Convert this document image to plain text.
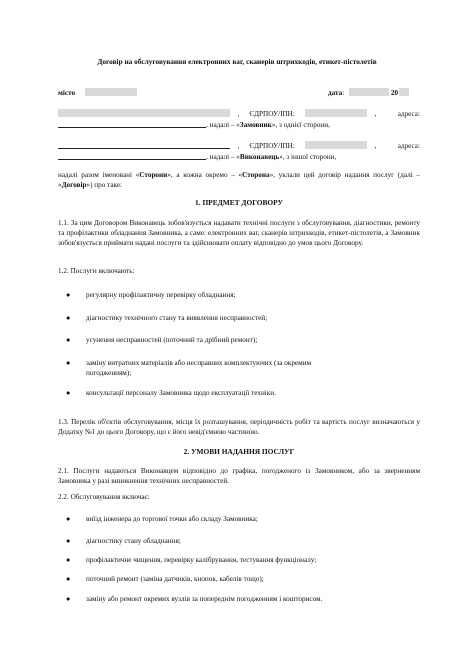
Договір на обслуговування електронних ваг, сканерів штрихкодів, етикет-пістолетів
місто	дата:	20
, ЄДРПОУ/ІПН:	,	адреса:
, надалі – «Замовник», з однієї сторони,
, ЄДРПОУ/ІПН:	,	адреса:
, надалі – «Виконавець», з іншої сторони,
надалі разом іменовані «Сторони», а кожна окремо – «Сторона», уклали цей договір надання послуг (далі – «Договір») про таке:
1. ПРЕДМЕТ ДОГОВОРУ
1.1. За цим Договором Виконавець зобов'язується надавати технічні послуги з обслуговування, діагностики, ремонту та профілактики обладнання Замовника, а саме: електронних ваг, сканерів штрихкодів, етикет-пістолетів, а Замовник зобов'язується приймати надані послуги та здійснювати оплату відповідно до умов цього Договору.
1.2. Послуги включають:
● регулярну профілактичну перевірку обладнання;
● діагностику технічного стану та виявлення несправностей;
● усунення несправностей (поточний та дрібний ремонт);
● заміну витратних матеріалів або несправних комплектуючих (за окремим погодженням);
● консультації персоналу Замовника щодо експлуатації техніки.
1.3. Перелік об'єктів обслуговування, місця їх розташування, періодичність робіт та вартість послуг визначаються у Додатку №1 до цього Договору, що є його невід'ємною частиною.
2. УМОВИ НАДАННЯ ПОСЛУГ
2.1. Послуги надаються Виконавцем відповідно до графіка, погодженого із Замовником, або за зверненням Замовника у разі виникнення технічних несправностей.
2.2. Обслуговування включає:
● виїзд інженера до торгової точки або складу Замовника;
● діагностику стану обладнання;
● профілактичне чищення, перевірку калібрування, тестування функціоналу;
● поточний ремонт (заміна датчиків, кнопок, кабелів тощо);
● заміну або ремонт окремих вузлів за попереднім погодженням і кошторисом.
